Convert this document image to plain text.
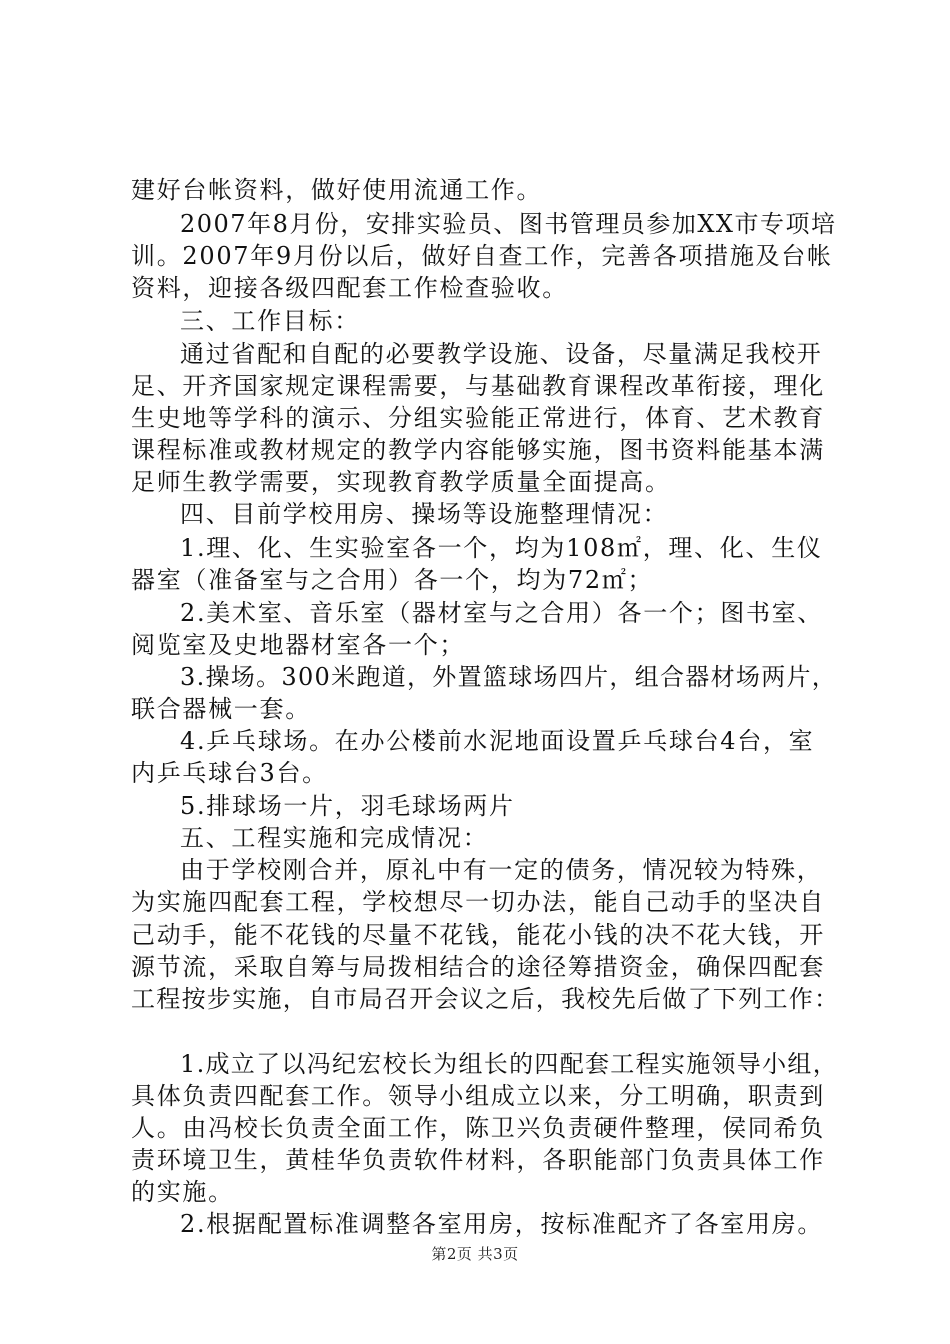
建好台帐资料，做好使用流通工作。
2007年8月份，安排实验员、图书管理员参加XX市专项培
训。2007年9月份以后，做好自查工作，完善各项措施及台帐
资料，迎接各级四配套工作检查验收。
三、工作目标：
通过省配和自配的必要教学设施、设备，尽量满足我校开
足、开齐国家规定课程需要，与基础教育课程改革衔接，理化
生史地等学科的演示、分组实验能正常进行，体育、艺术教育
课程标准或教材规定的教学内容能够实施，图书资料能基本满
足师生教学需要，实现教育教学质量全面提高。
四、目前学校用房、操场等设施整理情况：
1.理、化、生实验室各一个，均为108㎡，理、化、生仪
器室（准备室与之合用）各一个，均为72㎡；
2.美术室、音乐室（器材室与之合用）各一个；图书室、
阅览室及史地器材室各一个；
3.操场。300米跑道，外置篮球场四片，组合器材场两片，
联合器械一套。
4.乒乓球场。在办公楼前水泥地面设置乒乓球台4台，室
内乒乓球台3台。
5.排球场一片，羽毛球场两片
五、工程实施和完成情况：
由于学校刚合并，原礼中有一定的债务，情况较为特殊，
为实施四配套工程，学校想尽一切办法，能自己动手的坚决自
己动手，能不花钱的尽量不花钱，能花小钱的决不花大钱，开
源节流，采取自筹与局拨相结合的途径筹措资金，确保四配套
工程按步实施，自市局召开会议之后，我校先后做了下列工作：
1.成立了以冯纪宏校长为组长的四配套工程实施领导小组，
具体负责四配套工作。领导小组成立以来，分工明确，职责到
人。由冯校长负责全面工作，陈卫兴负责硬件整理，侯同希负
责环境卫生，黄桂华负责软件材料，各职能部门负责具体工作
的实施。
2.根据配置标准调整各室用房，按标准配齐了各室用房。
第2页 共3页
